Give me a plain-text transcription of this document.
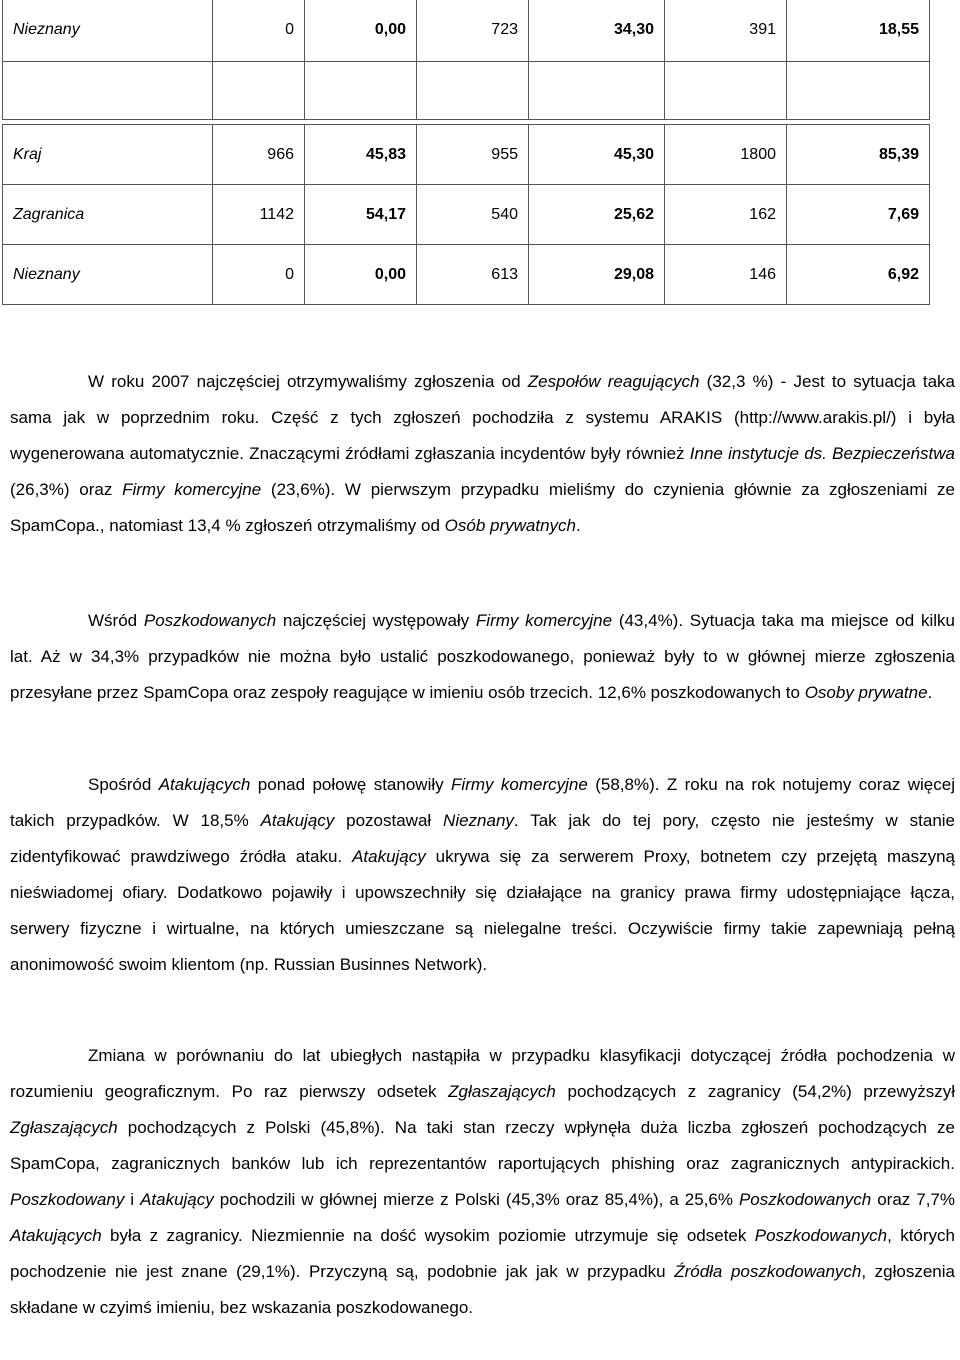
Nieznany	0	0,00	723	34,30	391	18,55

Kraj	966	45,83	955	45,30	1800	85,39
Zagranica	1142	54,17	540	25,62	162	7,69
Nieznany	0	0,00	613	29,08	146	6,92

W roku 2007 najczęściej otrzymywaliśmy zgłoszenia od Zespołów reagujących (32,3 %) - Jest to sytuacja taka sama jak w poprzednim roku. Część z tych zgłoszeń pochodziła z systemu ARAKIS (http://www.arakis.pl/) i była wygenerowana automatycznie. Znaczącymi źródłami zgłaszania incydentów były również Inne instytucje ds. Bezpieczeństwa (26,3%) oraz Firmy komercyjne (23,6%). W pierwszym przypadku mieliśmy do czynienia głównie za zgłoszeniami ze SpamCopa., natomiast 13,4 % zgłoszeń otrzymaliśmy od Osób prywatnych.

Wśród Poszkodowanych najczęściej występowały Firmy komercyjne (43,4%). Sytuacja taka ma miejsce od kilku lat. Aż w 34,3% przypadków nie można było ustalić poszkodowanego, ponieważ były to w głównej mierze zgłoszenia przesyłane przez SpamCopa oraz zespoły reagujące w imieniu osób trzecich. 12,6% poszkodowanych to Osoby prywatne.

Spośród Atakujących ponad połowę stanowiły Firmy komercyjne (58,8%). Z roku na rok notujemy coraz więcej takich przypadków. W 18,5% Atakujący pozostawał Nieznany. Tak jak do tej pory, często nie jesteśmy w stanie zidentyfikować prawdziwego źródła ataku. Atakujący ukrywa się za serwerem Proxy, botnetem czy przejętą maszyną nieświadomej ofiary. Dodatkowo pojawiły i upowszechniły się działające na granicy prawa firmy udostępniające łącza, serwery fizyczne i wirtualne, na których umieszczane są nielegalne treści. Oczywiście firmy takie zapewniają pełną anonimowość swoim klientom (np. Russian Businnes Network).

Zmiana w porównaniu do lat ubiegłych nastąpiła w przypadku klasyfikacji dotyczącej źródła pochodzenia w rozumieniu geograficznym. Po raz pierwszy odsetek Zgłaszających pochodzących z zagranicy (54,2%) przewyższył Zgłaszających pochodzących z Polski (45,8%). Na taki stan rzeczy wpłynęła duża liczba zgłoszeń pochodzących ze SpamCopa, zagranicznych banków lub ich reprezentantów raportujących phishing oraz zagranicznych antypirackich. Poszkodowany i Atakujący pochodzili w głównej mierze z Polski (45,3% oraz 85,4%), a 25,6% Poszkodowanych oraz 7,7% Atakujących była z zagranicy. Niezmiennie na dość wysokim poziomie utrzymuje się odsetek Poszkodowanych, których pochodzenie nie jest znane (29,1%). Przyczyną są, podobnie jak jak w przypadku Źródła poszkodowanych, zgłoszenia składane w czyimś imieniu, bez wskazania poszkodowanego.
